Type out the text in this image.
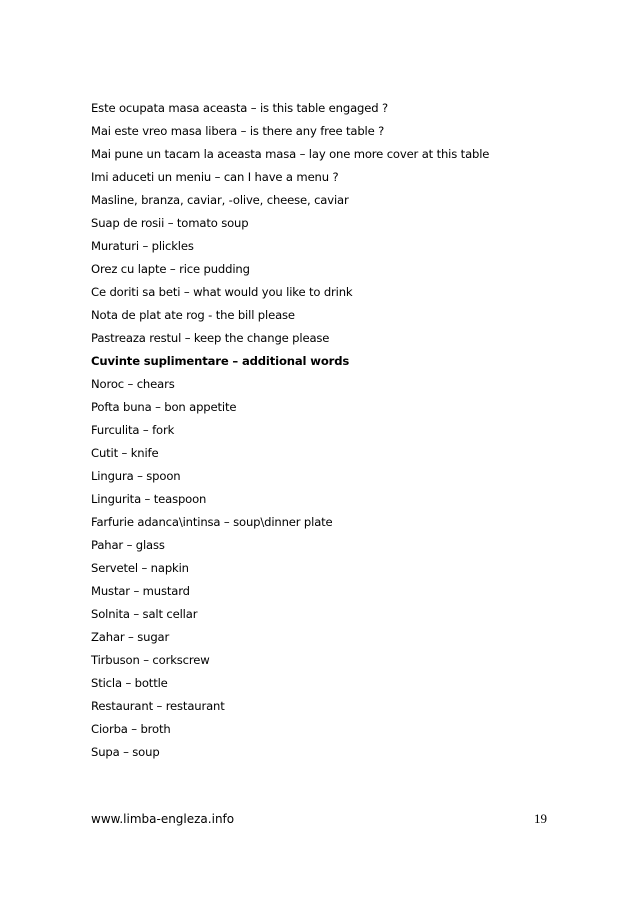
Este ocupata masa aceasta – is this table engaged ?
Mai este vreo masa libera – is there any free table ?
Mai pune un tacam la aceasta masa – lay one more cover at this table
Imi aduceti un meniu – can I have a menu ?
Masline, branza, caviar, -olive, cheese, caviar
Suap de rosii – tomato soup
Muraturi – plickles
Orez cu lapte – rice pudding
Ce doriti sa beti – what would you like to drink
Nota de plat ate rog - the bill please
Pastreaza restul – keep the change please
Cuvinte suplimentare – additional words
Noroc – chears
Pofta buna – bon appetite
Furculita – fork
Cutit – knife
Lingura – spoon
Lingurita – teaspoon
Farfurie adanca\intinsa – soup\dinner plate
Pahar – glass
Servetel – napkin
Mustar – mustard
Solnita – salt cellar
Zahar – sugar
Tirbuson – corkscrew
Sticla – bottle
Restaurant – restaurant
Ciorba – broth
Supa – soup
www.limba-engleza.info	19
